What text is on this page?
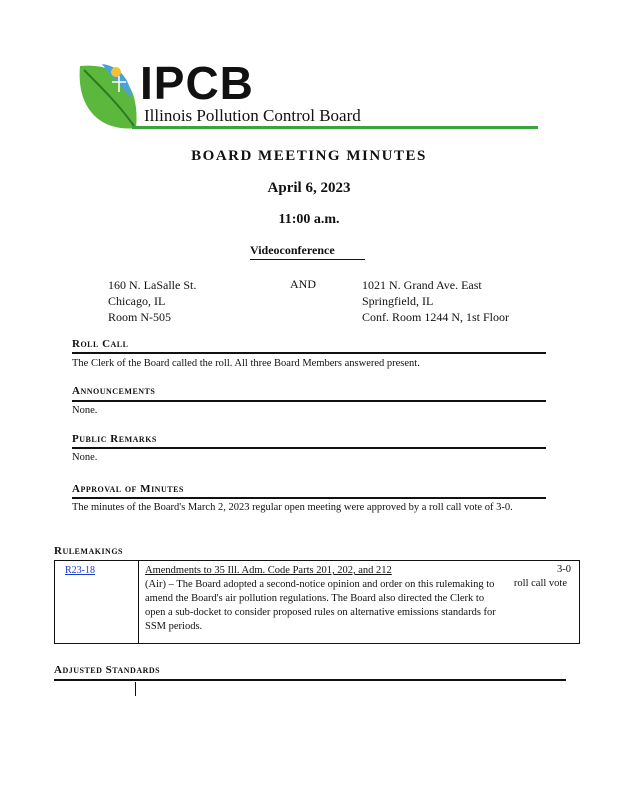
IPCB
Illinois Pollution Control Board
BOARD MEETING MINUTES
April 6, 2023
11:00 a.m.
Videoconference
160 N. LaSalle St.
Chicago, IL
Room N-505
AND	1021 N. Grand Ave. East
Springfield, IL
Conf. Room 1244 N, 1st Floor
Roll Call
The Clerk of the Board called the roll. All three Board Members answered present.
Announcements
None.
Public Remarks
None.
Approval of Minutes
The minutes of the Board's March 2, 2023 regular open meeting were approved by a roll call vote of 3-0.
Rulemakings
R23-18	Amendments to 35 Ill. Adm. Code Parts 201, 202, and 212
(Air) – The Board adopted a second-notice opinion and order on this rulemaking to amend the Board's air pollution regulations. The Board also directed the Clerk to open a sub-docket to consider proposed rules on alternative emissions standards for SSM periods.
3-0
roll call vote
Adjusted Standards
